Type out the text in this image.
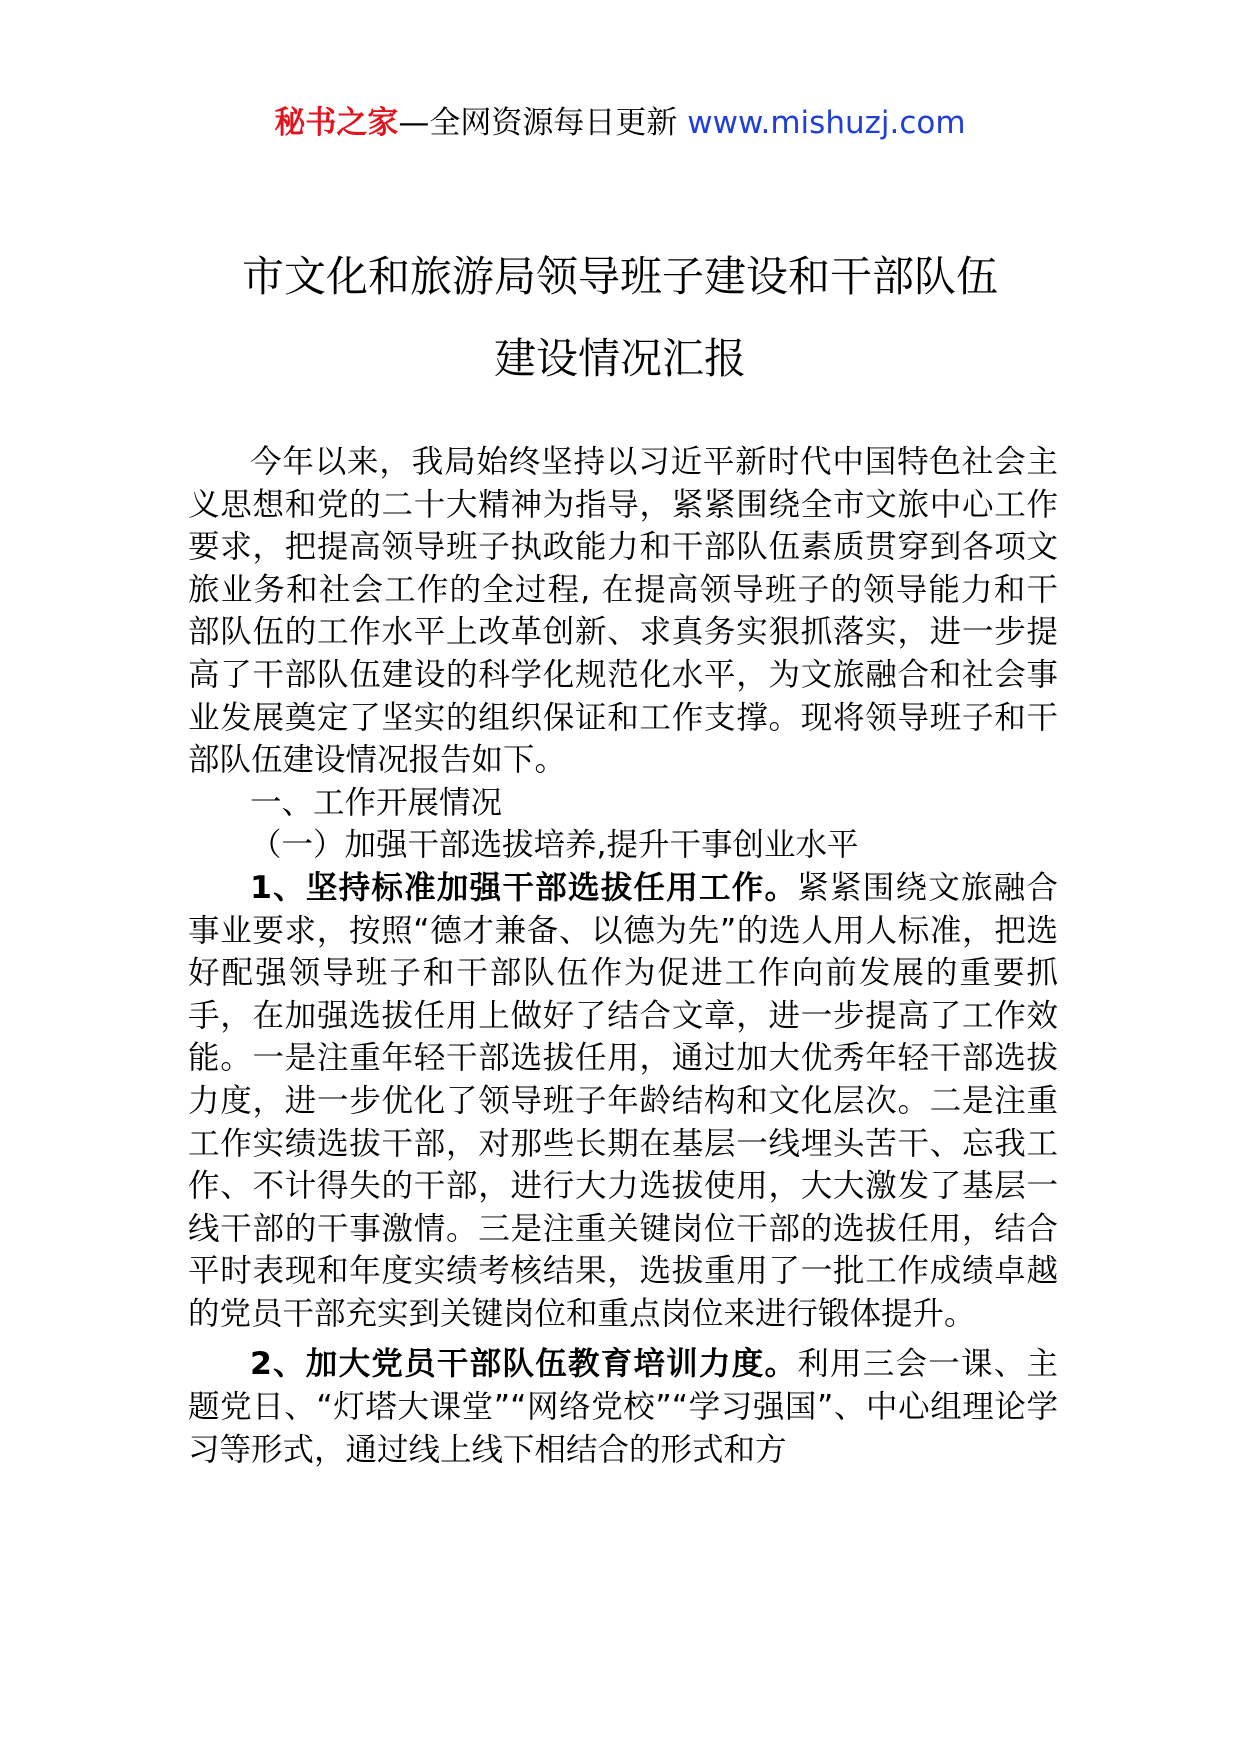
秘书之家—全网资源每日更新 www.mishuzj.com
市文化和旅游局领导班子建设和干部队伍
建设情况汇报

今年以来，我局始终坚持以习近平新时代中国特色社会主义思想和党的二十大精神为指导，紧紧围绕全市文旅中心工作要求，把提高领导班子执政能力和干部队伍素质贯穿到各项文旅业务和社会工作的全过程, 在提高领导班子的领导能力和干部队伍的工作水平上改革创新、求真务实狠抓落实，进一步提高了干部队伍建设的科学化规范化水平，为文旅融合和社会事业发展奠定了坚实的组织保证和工作支撑。现将领导班子和干部队伍建设情况报告如下。

一、工作开展情况

（一）加强干部选拔培养,提升干事创业水平

1、坚持标准加强干部选拔任用工作。紧紧围绕文旅融合事业要求，按照“德才兼备、以德为先”的选人用人标准，把选好配强领导班子和干部队伍作为促进工作向前发展的重要抓手，在加强选拔任用上做好了结合文章，进一步提高了工作效能。一是注重年轻干部选拔任用，通过加大优秀年轻干部选拔力度，进一步优化了领导班子年龄结构和文化层次。二是注重工作实绩选拔干部，对那些长期在基层一线埋头苦干、忘我工作、不计得失的干部，进行大力选拔使用，大大激发了基层一线干部的干事激情。三是注重关键岗位干部的选拔任用，结合平时表现和年度实绩考核结果，选拔重用了一批工作成绩卓越的党员干部充实到关键岗位和重点岗位来进行锻体提升。

2、加大党员干部队伍教育培训力度。利用三会一课、主题党日、“灯塔大课堂”“网络党校”“学习强国”、中心组理论学习等形式，通过线上线下相结合的形式和方
